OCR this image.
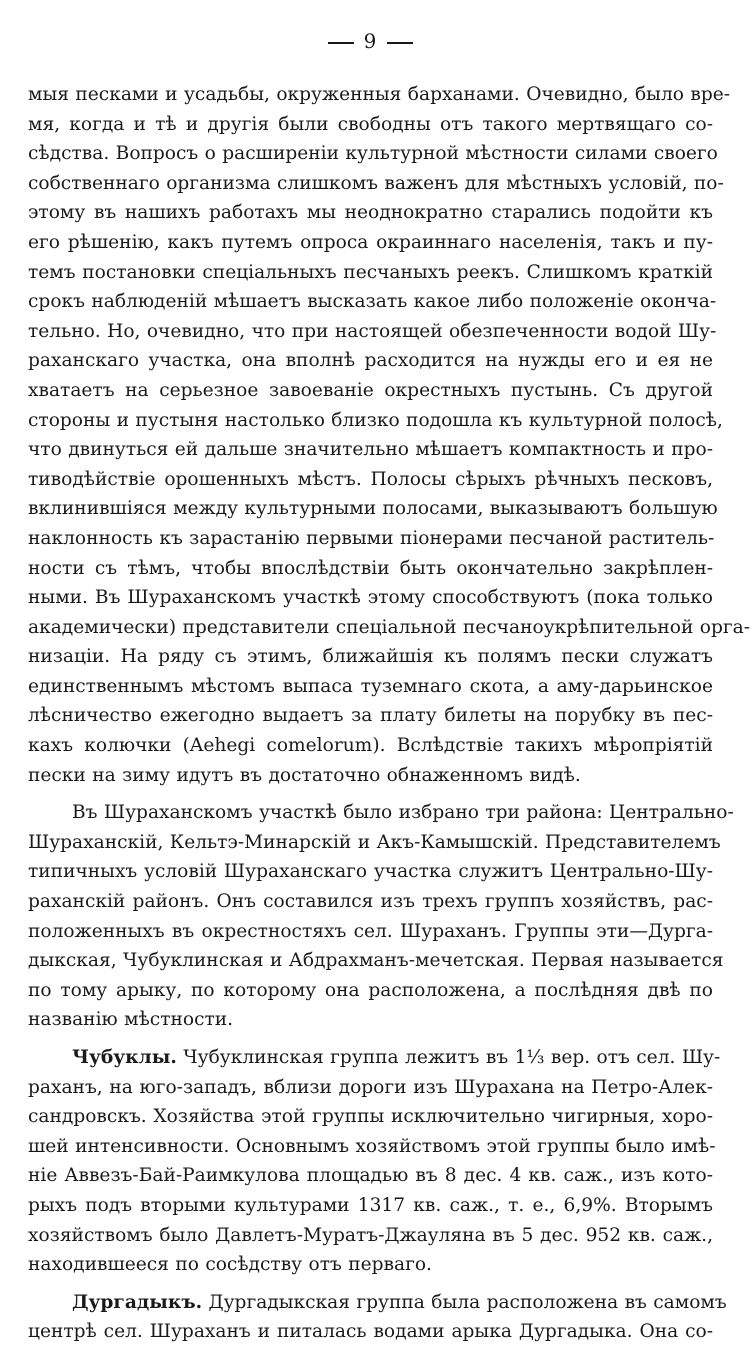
9
мыя песками и усадьбы, окруженныя барханами. Очевидно, было вре-
мя, когда и тѣ и другія были свободны отъ такого мертвящаго со-
сѣдства. Вопросъ о расширеніи культурной мѣстности силами своего
собственнаго организма слишкомъ важенъ для мѣстныхъ условій, по-
этому въ нашихъ работахъ мы неоднократно старались подойти къ
его рѣшенію, какъ путемъ опроса окраиннаго населенія, такъ и пу-
темъ постановки спеціальныхъ песчаныхъ реекъ. Слишкомъ краткій
срокъ наблюденій мѣшаетъ высказать какое либо положеніе оконча-
тельно. Но, очевидно, что при настоящей обезпеченности водой Шу-
раханскаго участка, она вполнѣ расходится на нужды его и ея не
хватаетъ на серьезное завоеваніе окрестныхъ пустынь. Съ другой
стороны и пустыня настолько близко подошла къ культурной полосѣ,
что двинуться ей дальше значительно мѣшаетъ компактность и про-
тиводѣйствіе орошенныхъ мѣстъ. Полосы сѣрыхъ рѣчныхъ песковъ,
вклинившіяся между культурными полосами, выказываютъ большую
наклонность къ зарастанію первыми піонерами песчаной раститель-
ности съ тѣмъ, чтобы впослѣдствіи быть окончательно закрѣплен-
ными. Въ Шураханскомъ участкѣ этому способствуютъ (пока только
академически) представители спеціальной песчаноукрѣпительной орга-
низаціи. На ряду съ этимъ, ближайшія къ полямъ пески служатъ
единственнымъ мѣстомъ выпаса туземнаго скота, а аму-дарьинское
лѣсничество ежегодно выдаетъ за плату билеты на порубку въ пес-
кахъ колючки (Aehegi comelorum). Вслѣдствіе такихъ мѣропріятій
пески на зиму идутъ въ достаточно обнаженномъ видѣ.
Въ Шураханскомъ участкѣ было избрано три района: Центрально-
Шураханскій, Кельтэ-Минарскій и Акъ-Камышскій. Представителемъ
типичныхъ условій Шураханскаго участка служитъ Центрально-Шу-
раханскій районъ. Онъ составился изъ трехъ группъ хозяйствъ, рас-
положенныхъ въ окрестностяхъ сел. Шураханъ. Группы эти—Дургa-
дыкская, Чубуклинская и Абдрахманъ-мечетская. Первая называется
по тому арыку, по которому она расположена, а послѣдняя двѣ по
названію мѣстности.
Чубуклы. Чубуклинская группа лежитъ въ 1⅓ вер. отъ сел. Шу-
раханъ, на юго-западъ, вблизи дороги изъ Шурахана на Петро-Алек-
сандровскъ. Хозяйства этой группы исключительно чигирныя, хоро-
шей интенсивности. Основнымъ хозяйствомъ этой группы было имѣ-
ніе Аввезъ-Бай-Раимкулова площадью въ 8 дес. 4 кв. саж., изъ кото-
рыхъ подъ вторыми культурами 1317 кв. саж., т. е., 6,9%. Вторымъ
хозяйствомъ было Давлетъ-Муратъ-Джауляна въ 5 дес. 952 кв. саж.,
находившееся по сосѣдству отъ перваго.
Дургадыкъ. Дургадыкская группа была расположена въ самомъ
центрѣ сел. Шураханъ и питалась водами арыка Дургадыка. Она со-
